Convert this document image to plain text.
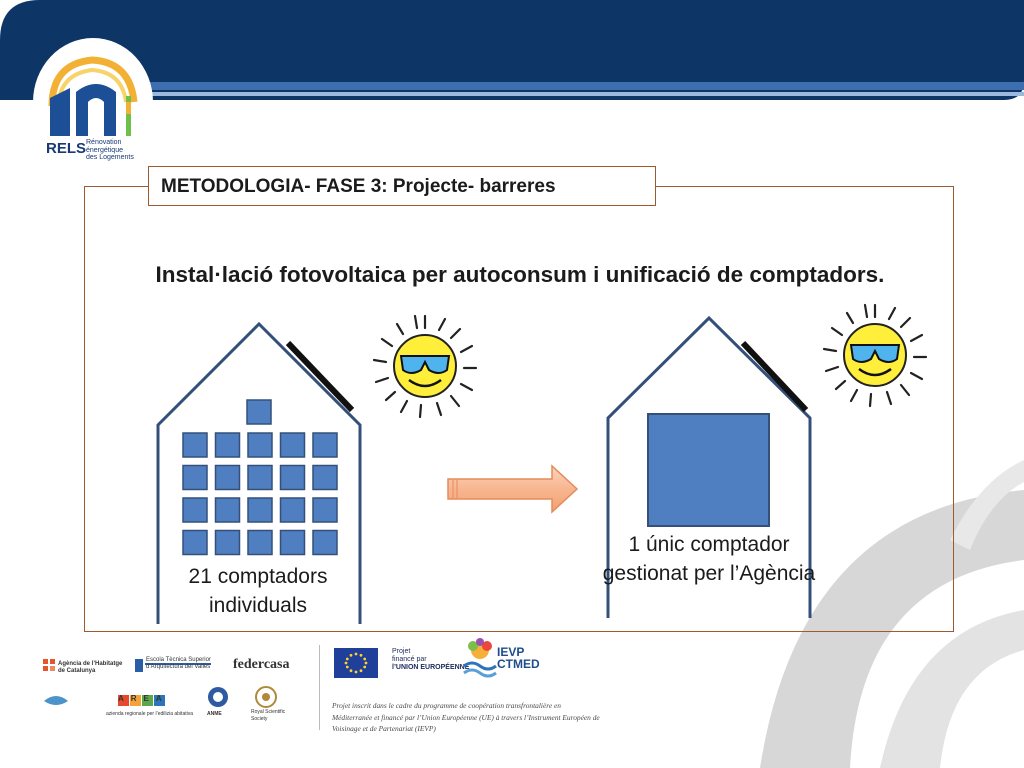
RELS Rénovation
énergétique
des Logements
METODOLOGIA- FASE 3: Projecte- barreres
Instal·lació fotovoltaica per autoconsum i unificació de comptadors.
21 comptadors individuals
1 únic comptador gestionat per l’Agència
Agència de l’Habitatge
de Catalunya
Escola Tècnica Superior
d’Arquitectura del Vallès federcasa
AREA
azienda regionale per l’edilizia abitativa	ANME	Royal Scientific
Society
Projet
financé par
l’UNION EUROPÉENNE
IEVP
CTMED
Projet inscrit dans le cadre du programme de coopération transfrontalière en Méditerranée et financé par l’Union Européenne (UE) à travers l’Instrument Européen de Voisinage et de Partenariat (IEVP)
